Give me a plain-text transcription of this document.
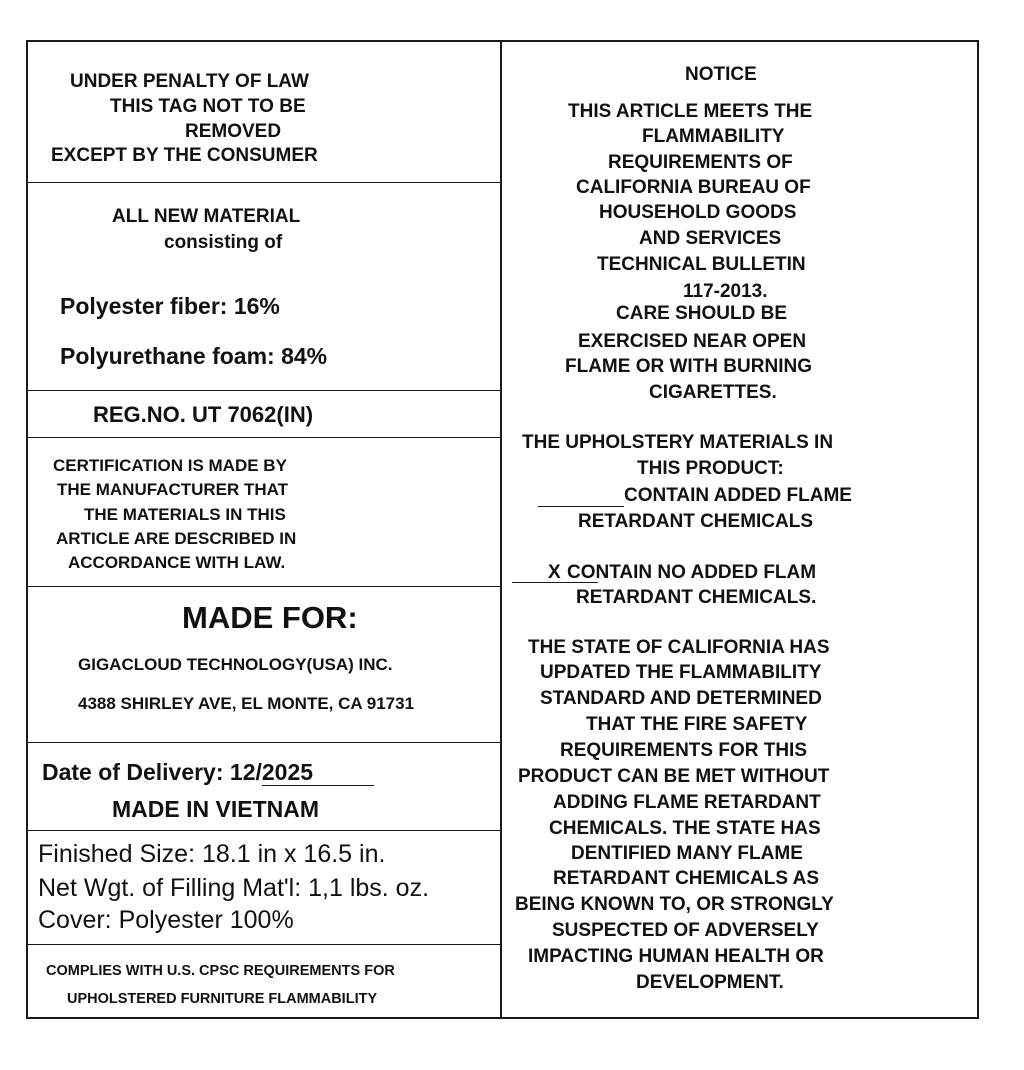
UNDER PENALTY OF LAW
THIS TAG NOT TO BE
REMOVED
EXCEPT BY THE CONSUMER
ALL NEW MATERIAL
consisting of
Polyester fiber: 16%
Polyurethane foam: 84%
REG.NO. UT 7062(IN)
CERTIFICATION IS MADE BY
THE MANUFACTURER THAT
THE MATERIALS IN THIS
ARTICLE ARE DESCRIBED IN
ACCORDANCE WITH LAW.
MADE FOR:
GIGACLOUD TECHNOLOGY(USA) INC.
4388 SHIRLEY AVE, EL MONTE, CA 91731
Date of Delivery: 12/2025
MADE IN VIETNAM
Finished Size: 18.1 in x 16.5 in.
Net Wgt. of Filling Mat'l: 1,1 lbs. oz.
Cover: Polyester 100%
COMPLIES WITH U.S. CPSC REQUIREMENTS FOR
UPHOLSTERED FURNITURE FLAMMABILITY
NOTICE
THIS ARTICLE MEETS THE
FLAMMABILITY
REQUIREMENTS OF
CALIFORNIA BUREAU OF
HOUSEHOLD GOODS
AND SERVICES
TECHNICAL BULLETIN
117-2013.
CARE SHOULD BE
EXERCISED NEAR OPEN
FLAME OR WITH BURNING
CIGARETTES.
THE UPHOLSTERY MATERIALS IN
THIS PRODUCT:
CONTAIN ADDED FLAME
RETARDANT CHEMICALS
X CONTAIN NO ADDED FLAM
RETARDANT CHEMICALS.
THE STATE OF CALIFORNIA HAS
UPDATED THE FLAMMABILITY
STANDARD AND DETERMINED
THAT THE FIRE SAFETY
REQUIREMENTS FOR THIS
PRODUCT CAN BE MET WITHOUT
ADDING FLAME RETARDANT
CHEMICALS. THE STATE HAS
DENTIFIED MANY FLAME
RETARDANT CHEMICALS AS
BEING KNOWN TO, OR STRONGLY
SUSPECTED OF ADVERSELY
IMPACTING HUMAN HEALTH OR
DEVELOPMENT.
